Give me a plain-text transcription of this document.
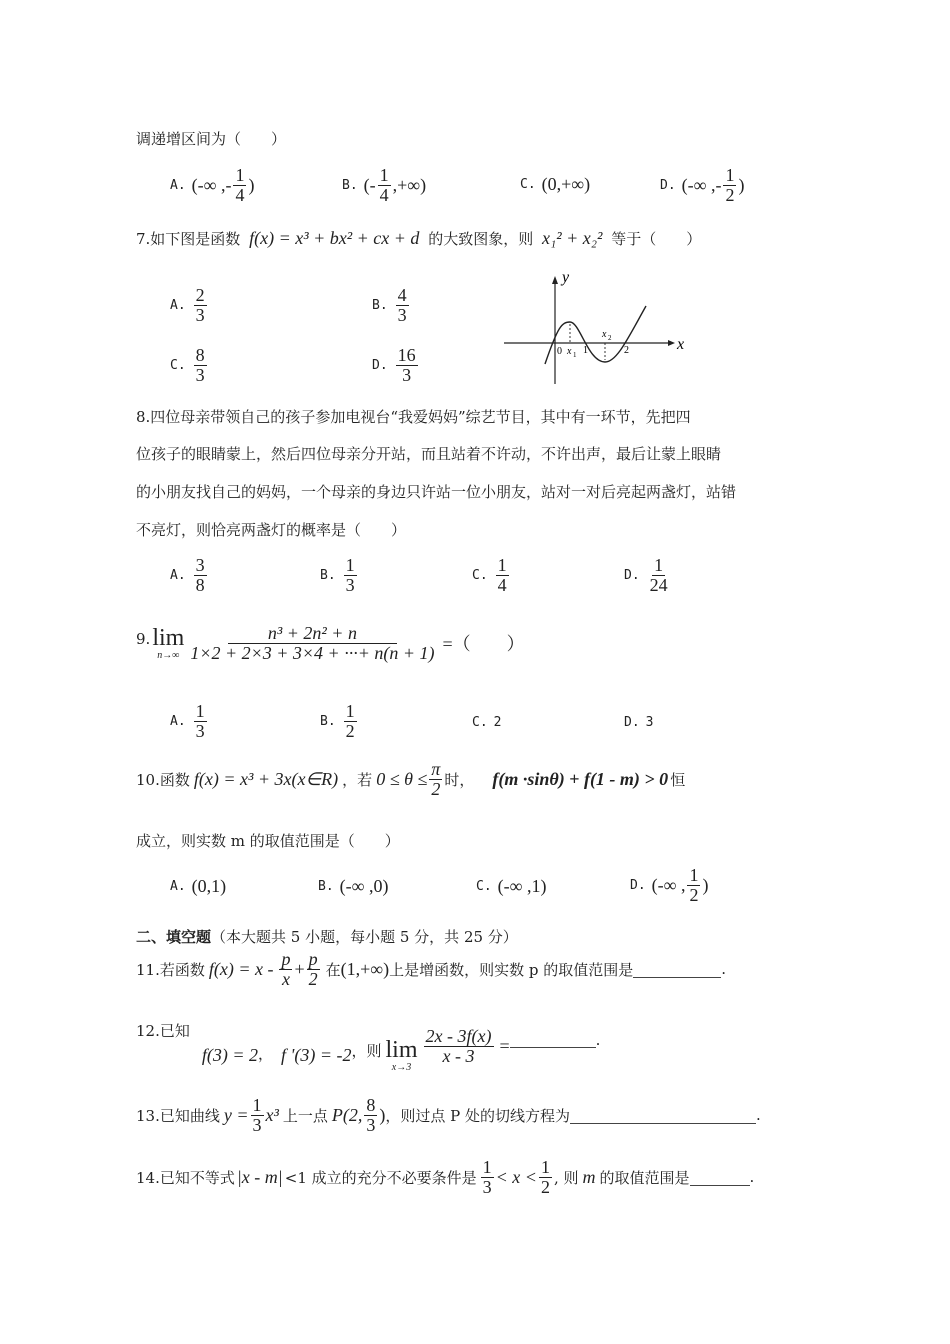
调递增区间为（　　）
A. (-∞ ,- $\frac{1}{4}$ )	B. (- $\frac{1}{4}$ ,+∞)	C. (0,+∞)	D. (-∞ ,- $\frac{1}{2}$ )
7.如下图是函数 f(x) = x³ + bx² + cx + d 的大致图象，则 x₁² + x₂² 等于（　　）
A. $\frac{2}{3}$	B. $\frac{4}{3}$
C. $\frac{8}{3}$	D. $\frac{16}{3}$
y
x
0 x 1 1
x 2
2
8.四位母亲带领自己的孩子参加电视台“我爱妈妈”综艺节目，其中有一环节，先把四
位孩子的眼睛蒙上，然后四位母亲分开站，而且站着不许动，不许出声，最后让蒙上眼睛
的小朋友找自己的妈妈，一个母亲的身边只许站一位小朋友，站对一对后亮起两盏灯，站错
不亮灯，则恰亮两盏灯的概率是（　　）
A. $\frac{3}{8}$	B. $\frac{1}{3}$	C. $\frac{1}{4}$	D. $\frac{1}{24}$
9. lim
$n\to\infty \frac{\text{n³ + 2n² + n}}{1\times 2 + 2\times 3 + 3\times 4 + \cdot\cdot\cdot+ n(n + 1)}$ =（　　）
A. $\frac{1}{3}$	B. $\frac{1}{2}$	C. 2	D. 3
10.函数 f(x) = x³ + 3x(x∈R) ，若 $0 \le \theta \le \frac{\pi}{2}$ 时， f(m ·sinθ) + f(1 - m) > 0 恒
成立，则实数 m 的取值范围是（　　）
A. (0,1)	B. (-∞ ,0)	C. (-∞ ,1)	D. (-∞ , $\frac{1}{2}$ )
二、填空题（本大题共 5 小题，每小题 5 分，共 25 分）
11.若函数 $f(x) = x - \frac{p}{x} + \frac{p}{2}$ 在 (1,+∞) 上是增函数，则实数 p 的取值范围是	.
12.已知
f(3) = 2 ， f '(3) = -2 ，则 lim
x→3
$\frac{2x - 3f(x)}{x - 3}$ =	.
13.已知曲线 $y = \frac{1}{3} x^3$ 上一点 P(2, $\frac{8}{3}$ ) ，则过点 P 处的切线方程为	.
14.已知不等式 |x - m| <1 成立的充分不必要条件是 $\frac{1}{3} < x < \frac{1}{2}$ , 则 m 的取值范围是	.
